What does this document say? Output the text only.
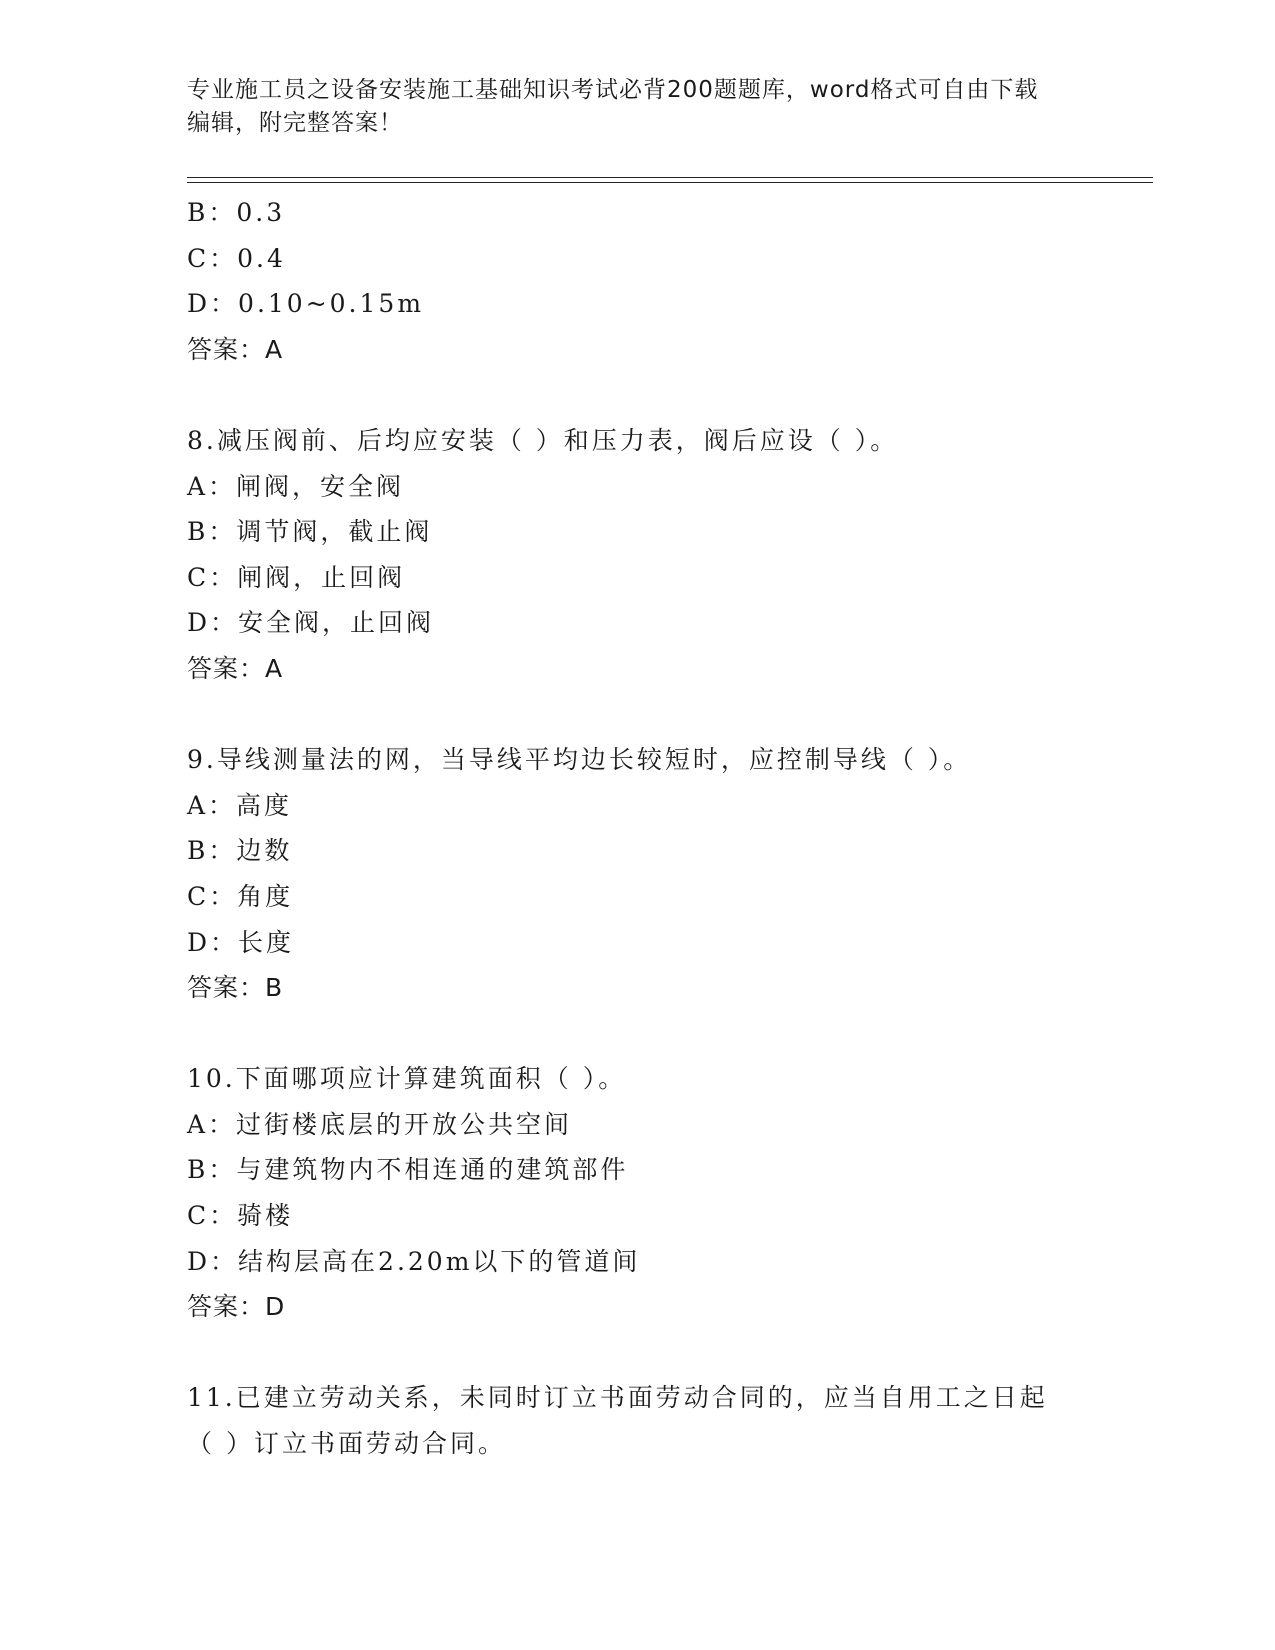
专业施工员之设备安装施工基础知识考试必背200题题库，word格式可自由下载
编辑，附完整答案！
B：0.3
C：0.4
D：0.10~0.15m
答案：A
8.减压阀前、后均应安装（ ）和压力表，阀后应设（ ）。
A：闸阀，安全阀
B：调节阀，截止阀
C：闸阀，止回阀
D：安全阀，止回阀
答案：A
9.导线测量法的网，当导线平均边长较短时，应控制导线（ ）。
A：高度
B：边数
C：角度
D：长度
答案：B
10.下面哪项应计算建筑面积（ ）。
A：过街楼底层的开放公共空间
B：与建筑物内不相连通的建筑部件
C：骑楼
D：结构层高在2.20m以下的管道间
答案：D
11.已建立劳动关系，未同时订立书面劳动合同的，应当自用工之日起
（ ）订立书面劳动合同。
